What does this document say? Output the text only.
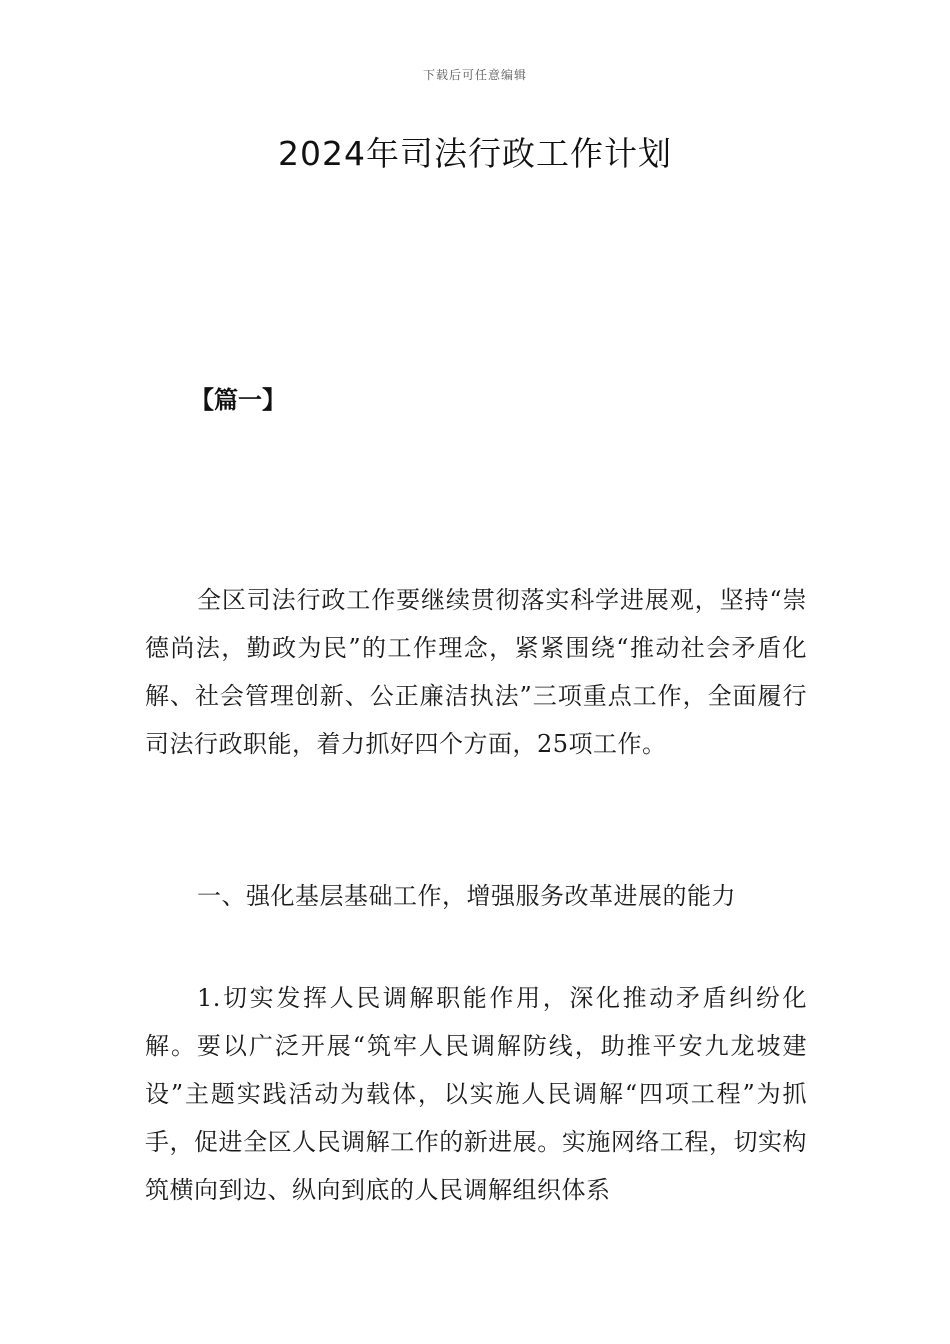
下载后可任意编辑
2024年司法行政工作计划
【篇一】

全区司法行政工作要继续贯彻落实科学进展观，坚持“崇德尚法，勤政为民”的工作理念，紧紧围绕“推动社会矛盾化解、社会管理创新、公正廉洁执法”三项重点工作，全面履行司法行政职能，着力抓好四个方面，25项工作。

一、强化基层基础工作，增强服务改革进展的能力

1.切实发挥人民调解职能作用，深化推动矛盾纠纷化解。要以广泛开展“筑牢人民调解防线，助推平安九龙坡建设”主题实践活动为载体，以实施人民调解“四项工程”为抓手，促进全区人民调解工作的新进展。实施网络工程，切实构筑横向到边、纵向到底的人民调解组织体系
